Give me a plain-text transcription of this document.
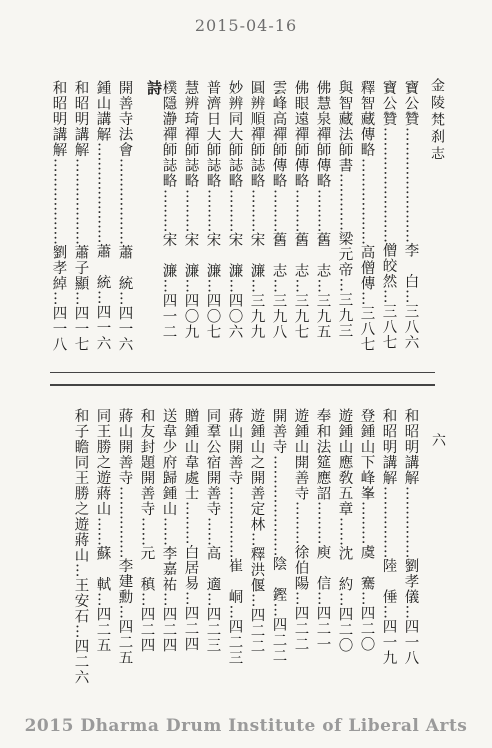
2015-04-16
金陵梵刹志
六
詩	寶公贊……………………李　白…三八六
寶公贊……………………僧皎然…三八七
釋智藏傳略………………高僧傳…三八七
與智藏法師書…………梁元帝…三九三
佛慧泉禪師傳略………舊　志…三九五
佛眼遠禪師傳略………舊　志…三九七
雲峰高禪師傳略………舊　志…三九八
圓辨順禪師誌略………宋　濂…三九九
妙辨同大師誌略………宋　濂…四〇六
普濟日大師誌略………宋　濂…四〇七
慧辨琦禪師誌略………宋　濂…四〇九
樸隱瀞禪師誌略………宋　濂…四一二
開善寺法會………………蕭　統…四一六
鍾山講解…………………蕭　統…四一六
和昭明講解………………蕭子顯…四一七
和昭明講解………………劉孝綽…四一八
和昭明講解……………劉孝儀…四一八
和昭明講解……………陸　倕…四一九
登鍾山下峰峯………虞　騫…四二〇
遊鍾山應敎五章……沈　約…四二〇
奉和法筵應詔………庾　信…四二一
遊鍾山開善寺………徐伯陽…四二二
開善寺…………………陰　鏗…四二二
遊鍾山之開善定林…釋洪偃…四二二
蔣山開善寺……………崔　峒…四二三
同羣公宿開善寺……高　適…四二三
贈鍾山韋處士………白居易…四二四
送韋少府歸鍾山……李嘉祐…四二四
和友封題開善寺……元　稹…四二四
蔣山開善寺……………李建勳…四二五
同王勝之遊蔣山……蘇　軾…四二五
和子瞻同王勝之遊蔣山…王安石…四二六
2015 Dharma Drum Institute of Liberal Arts
